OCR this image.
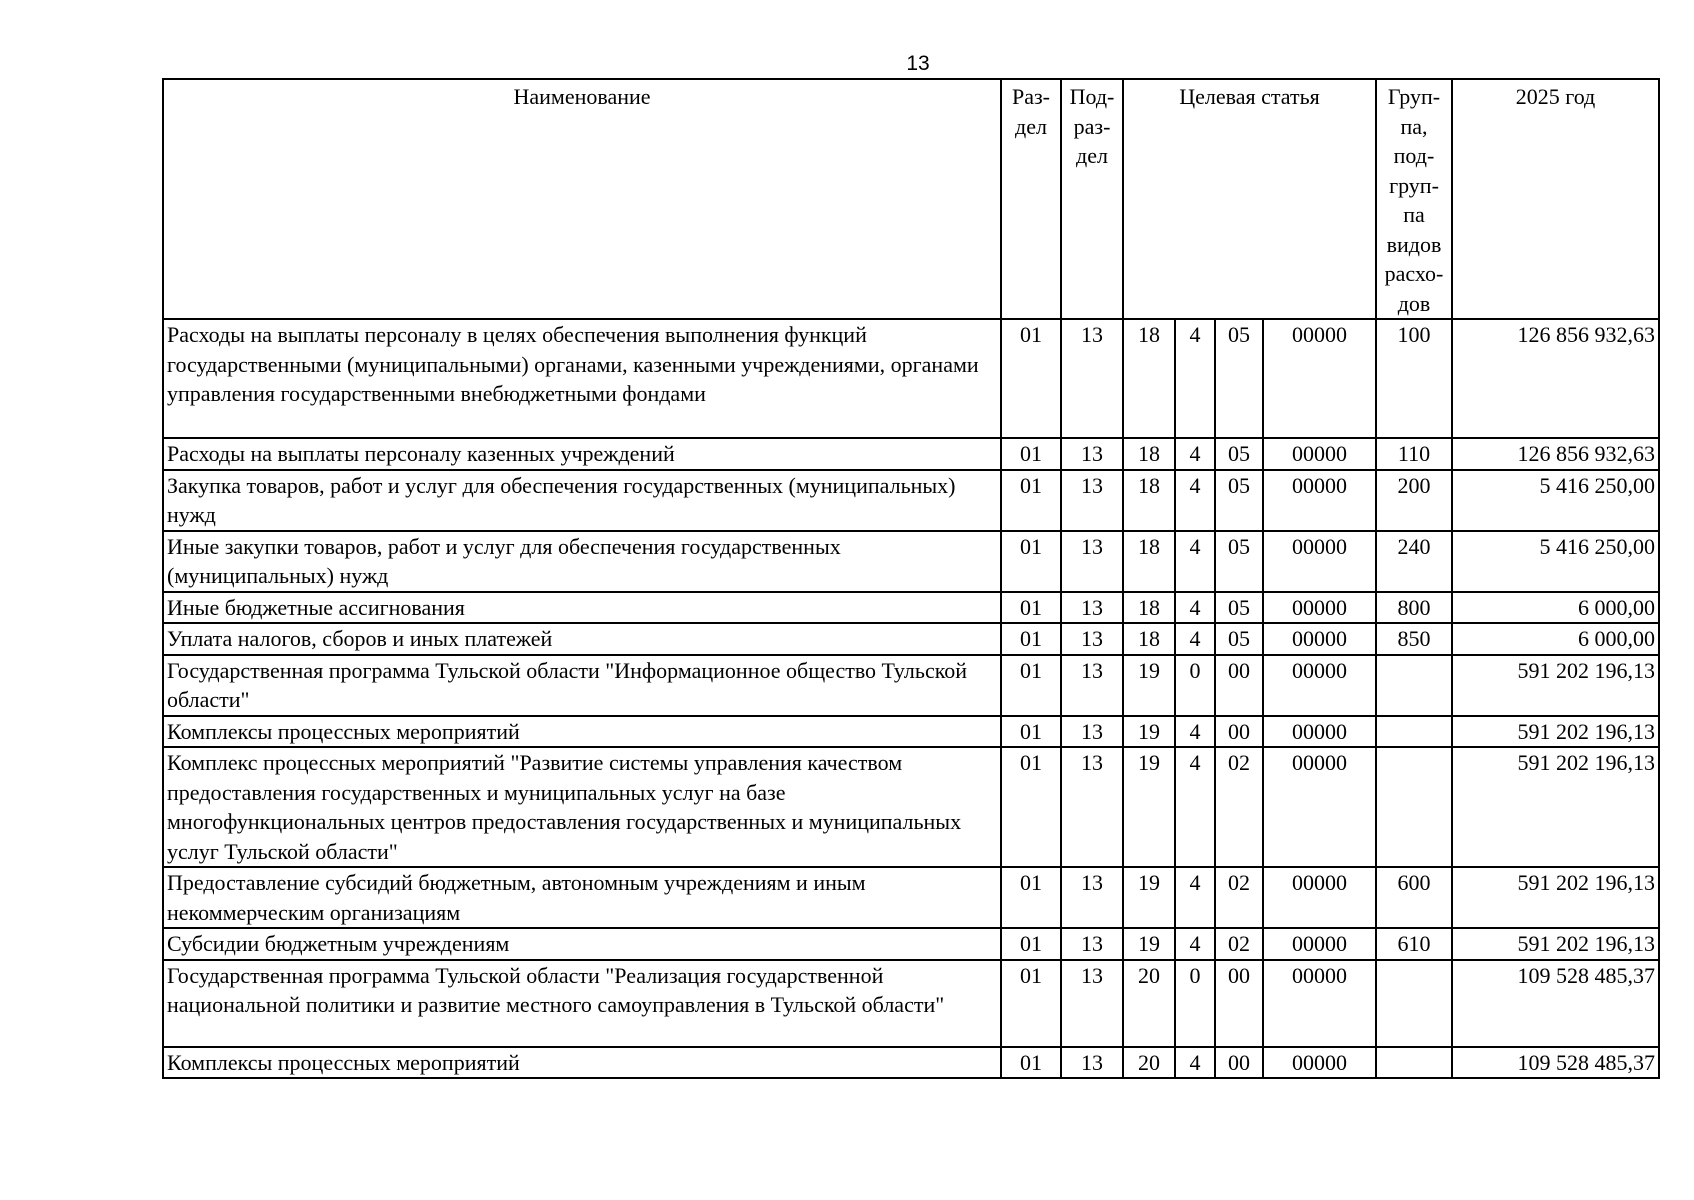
13
Наименование	Раз- дел	Под- раз- дел	Целевая статья				Груп- па, под- груп- па видов расхо- дов	2025 год
Расходы на выплаты персоналу в целях обеспечения выполнения функций государственными (муниципальными) органами, казенными учреждениями, органами управления государственными внебюджетными фондами	01	13	18	4	05	00000	100	126 856 932,63
Расходы на выплаты персоналу казенных учреждений	01	13	18	4	05	00000	110	126 856 932,63
Закупка товаров, работ и услуг для обеспечения государственных (муниципальных) нужд	01	13	18	4	05	00000	200	5 416 250,00
Иные закупки товаров, работ и услуг для обеспечения государственных (муниципальных) нужд	01	13	18	4	05	00000	240	5 416 250,00
Иные бюджетные ассигнования	01	13	18	4	05	00000	800	6 000,00
Уплата налогов, сборов и иных платежей	01	13	18	4	05	00000	850	6 000,00
Государственная программа Тульской области "Информационное общество Тульской области"	01	13	19	0	00	00000		591 202 196,13
Комплексы процессных мероприятий	01	13	19	4	00	00000		591 202 196,13
Комплекс процессных мероприятий "Развитие системы управления качеством предоставления государственных и муниципальных услуг на базе многофункциональных центров предоставления государственных и муниципальных услуг Тульской области"	01	13	19	4	02	00000		591 202 196,13
Предоставление субсидий бюджетным, автономным учреждениям и иным некоммерческим организациям	01	13	19	4	02	00000	600	591 202 196,13
Субсидии бюджетным учреждениям	01	13	19	4	02	00000	610	591 202 196,13
Государственная программа Тульской области "Реализация государственной национальной политики и развитие местного самоуправления в Тульской области"	01	13	20	0	00	00000		109 528 485,37
Комплексы процессных мероприятий	01	13	20	4	00	00000		109 528 485,37
